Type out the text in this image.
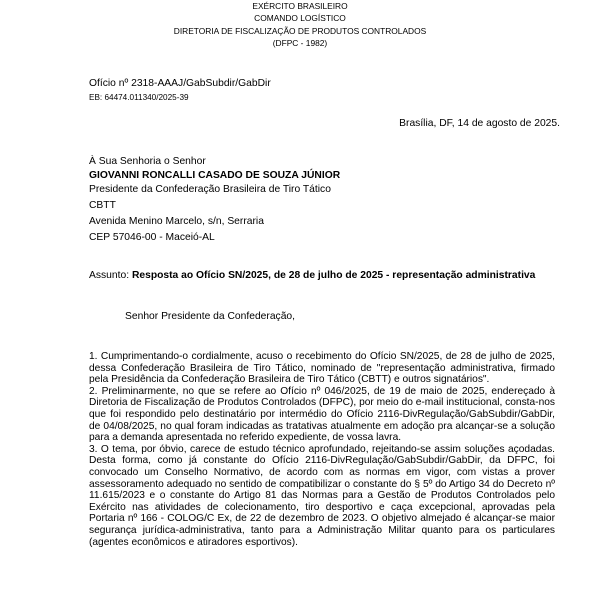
EXÉRCITO BRASILEIRO
COMANDO LOGÍSTICO
DIRETORIA DE FISCALIZAÇÃO DE PRODUTOS CONTROLADOS
(DFPC - 1982)
Ofício nº 2318-AAAJ/GabSubdir/GabDir
EB: 64474.011340/2025-39
Brasília, DF, 14 de agosto de 2025.
À Sua Senhoria o Senhor
GIOVANNI RONCALLI CASADO DE SOUZA JÚNIOR
Presidente da Confederação Brasileira de Tiro Tático
CBTT
Avenida Menino Marcelo, s/n, Serraria
CEP 57046-00 - Maceió-AL
Assunto: Resposta ao Ofício SN/2025, de 28 de julho de 2025 - representação administrativa
Senhor Presidente da Confederação,

1. Cumprimentando-o cordialmente, acuso o recebimento do Ofício SN/2025, de 28 de julho de 2025, dessa Confederação Brasileira de Tiro Tático, nominado de "representação administrativa, firmado pela Presidência da Confederação Brasileira de Tiro Tático (CBTT) e outros signatários".

2. Preliminarmente, no que se refere ao Ofício nº 046/2025, de 19 de maio de 2025, endereçado à Diretoria de Fiscalização de Produtos Controlados (DFPC), por meio do e-mail institucional, consta-nos que foi respondido pelo destinatário por intermédio do Ofício 2116-DivRegulação/GabSubdir/GabDir, de 04/08/2025, no qual foram indicadas as tratativas atualmente em adoção pra alcançar-se a solução para a demanda apresentada no referido expediente, de vossa lavra.

3. O tema, por óbvio, carece de estudo técnico aprofundado, rejeitando-se assim soluções açodadas. Desta forma, como já constante do Ofício 2116-DivRegulação/GabSubdir/GabDir, da DFPC, foi convocado um Conselho Normativo, de acordo com as normas em vigor, com vistas a prover assessoramento adequado no sentido de compatibilizar o constante do § 5º do Artigo 34 do Decreto nº 11.615/2023 e o constante do Artigo 81 das Normas para a Gestão de Produtos Controlados pelo Exército nas atividades de colecionamento, tiro desportivo e caça excepcional, aprovadas pela Portaria nº 166 - COLOG/C Ex, de 22 de dezembro de 2023. O objetivo almejado é alcançar-se maior segurança jurídica-administrativa, tanto para a Administração Militar quanto para os particulares (agentes econômicos e atiradores esportivos).
